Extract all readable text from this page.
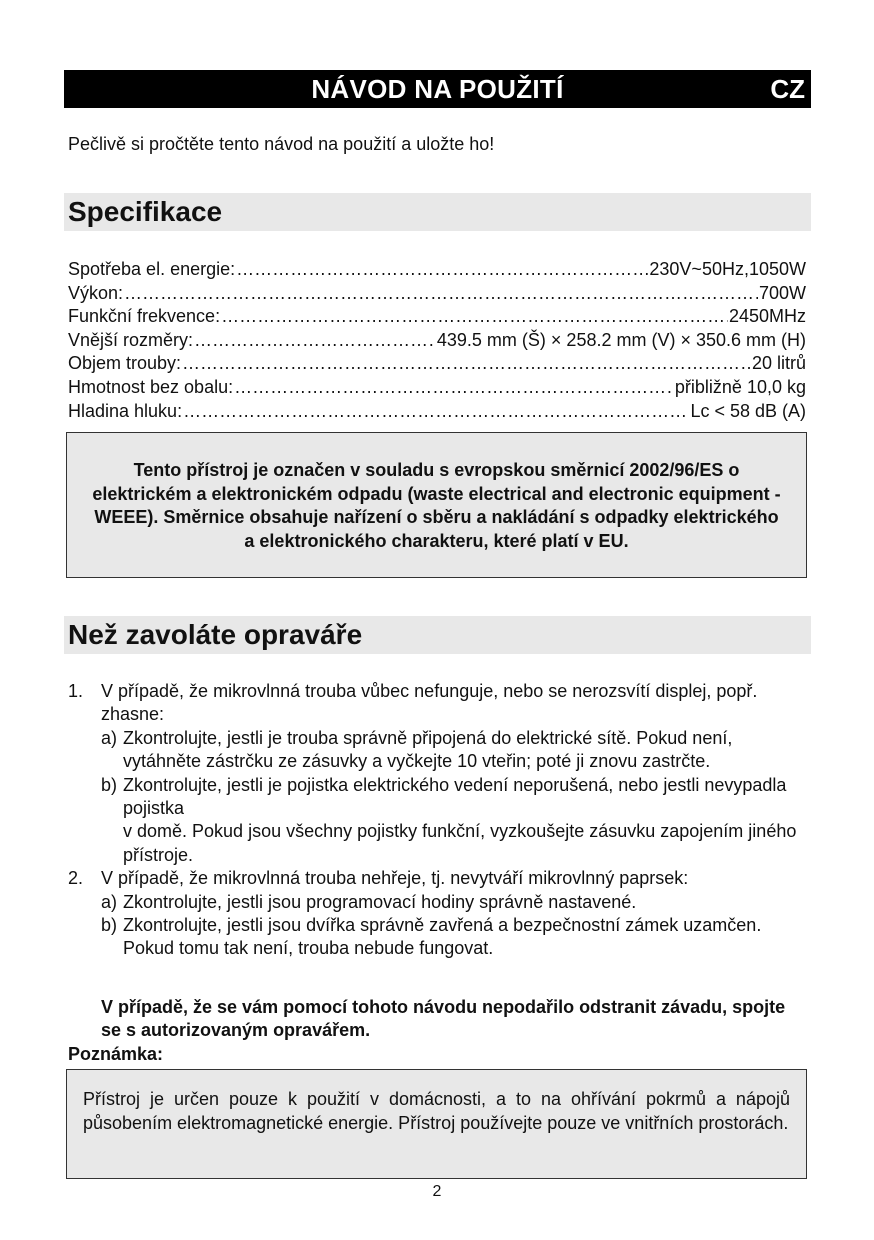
NÁVOD NA POUŽITÍ	CZ
Pečlivě si pročtěte tento návod na použití a uložte ho!
Specifikace
Spotřeba el. energie: ……………………………………………………………………………………………………………………………………………………………………	230V~50Hz,1050W
Výkon: ……………………………………………………………………………………………………………………………………………………………………	700W
Funkční frekvence: ……………………………………………………………………………………………………………………………………………………………………	2450MHz
Vnější rozměry: ……………………………………………………………………………………………………………………………………………………………………	439.5 mm (Š) × 258.2 mm (V) × 350.6 mm (H)
Objem trouby: ……………………………………………………………………………………………………………………………………………………………………	20 litrů
Hmotnost bez obalu: ……………………………………………………………………………………………………………………………………………………………………	přibližně 10,0 kg
Hladina hluku: ……………………………………………………………………………………………………………………………………………………………………	Lc < 58 dB (A)

Tento přístroj je označen v souladu s evropskou směrnicí 2002/96/ES o elektrickém a elektronickém odpadu (waste electrical and electronic equipment - WEEE). Směrnice obsahuje nařízení o sběru a nakládání s odpadky elektrického a elektronického charakteru, které platí v EU.

Než zavoláte opraváře
1. V případě, že mikrovlnná trouba vůbec nefunguje, nebo se nerozsvítí displej, popř. zhasne:
a) Zkontrolujte, jestli je trouba správně připojená do elektrické sítě. Pokud není, vytáhněte zástrčku ze zásuvky a vyčkejte 10 vteřin; poté ji znovu zastrčte.
b) Zkontrolujte, jestli je pojistka elektrického vedení neporušená, nebo jestli nevypadla pojistka
v domě. Pokud jsou všechny pojistky funkční, vyzkoušejte zásuvku zapojením jiného přístroje.
2. V případě, že mikrovlnná trouba nehřeje, tj. nevytváří mikrovlnný paprsek:
a) Zkontrolujte, jestli jsou programovací hodiny správně nastavené.
b) Zkontrolujte, jestli jsou dvířka správně zavřená a bezpečnostní zámek uzamčen. Pokud tomu tak není, trouba nebude fungovat.
V případě, že se vám pomocí tohoto návodu nepodařilo odstranit závadu, spojte se s autorizovaným opravářem.
Poznámka:

Přístroj je určen pouze k použití v domácnosti, a to na ohřívání pokrmů a nápojů působením elektromagnetické energie. Přístroj používejte pouze ve vnitřních prostorách.

2
